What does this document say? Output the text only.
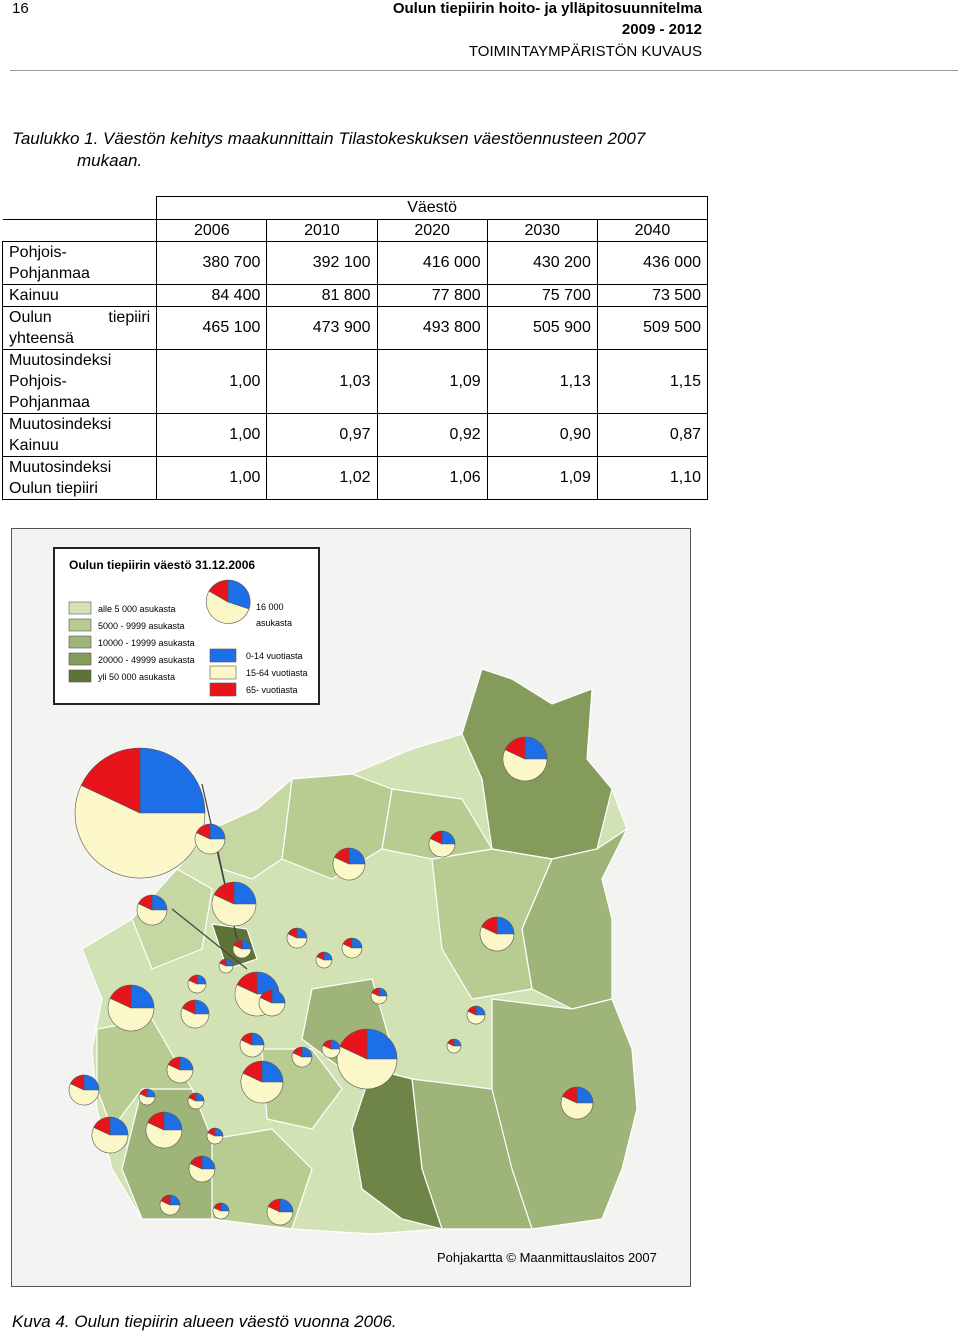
16	Oulun tiepiirin hoito- ja ylläpitosuunnitelma
2009 - 2012
TOIMINTAYMPÄRISTÖN KUVAUS
Taulukko 1. Väestön kehitys maakunnittain Tilastokeskuksen väestöennusteen 2007
mukaan.
	Väestö				
	2006	2010	2020	2030	2040

Pohjois-
Pohjanmaa	380 700	392 100	416 000	430 200	436 000
Kainuu	84 400	81 800	77 800	75 700	73 500

Oulun tiepiiri
yhteensä	465 100	473 900	493 800	505 900	509 500

Muutosindeksi
Pohjois-
Pohjanmaa	1,00	1,03	1,09	1,13	1,15

Muutosindeksi
Kainuu	1,00	0,97	0,92	0,90	0,87

Muutosindeksi
Oulun tiepiiri	1,00	1,02	1,06	1,09	1,10
Oulun tiepiirin väestö 31.12.2006
alle 5 000 asukasta
5000 - 9999 asukasta
10000 - 19999 asukasta
20000 - 49999 asukasta
yli 50 000 asukasta
16 000
asukasta
0-14 vuotiasta
15-64 vuotiasta
65- vuotiasta
Pohjakartta © Maanmittauslaitos 2007
Kuva 4. Oulun tiepiirin alueen väestö vuonna 2006.
